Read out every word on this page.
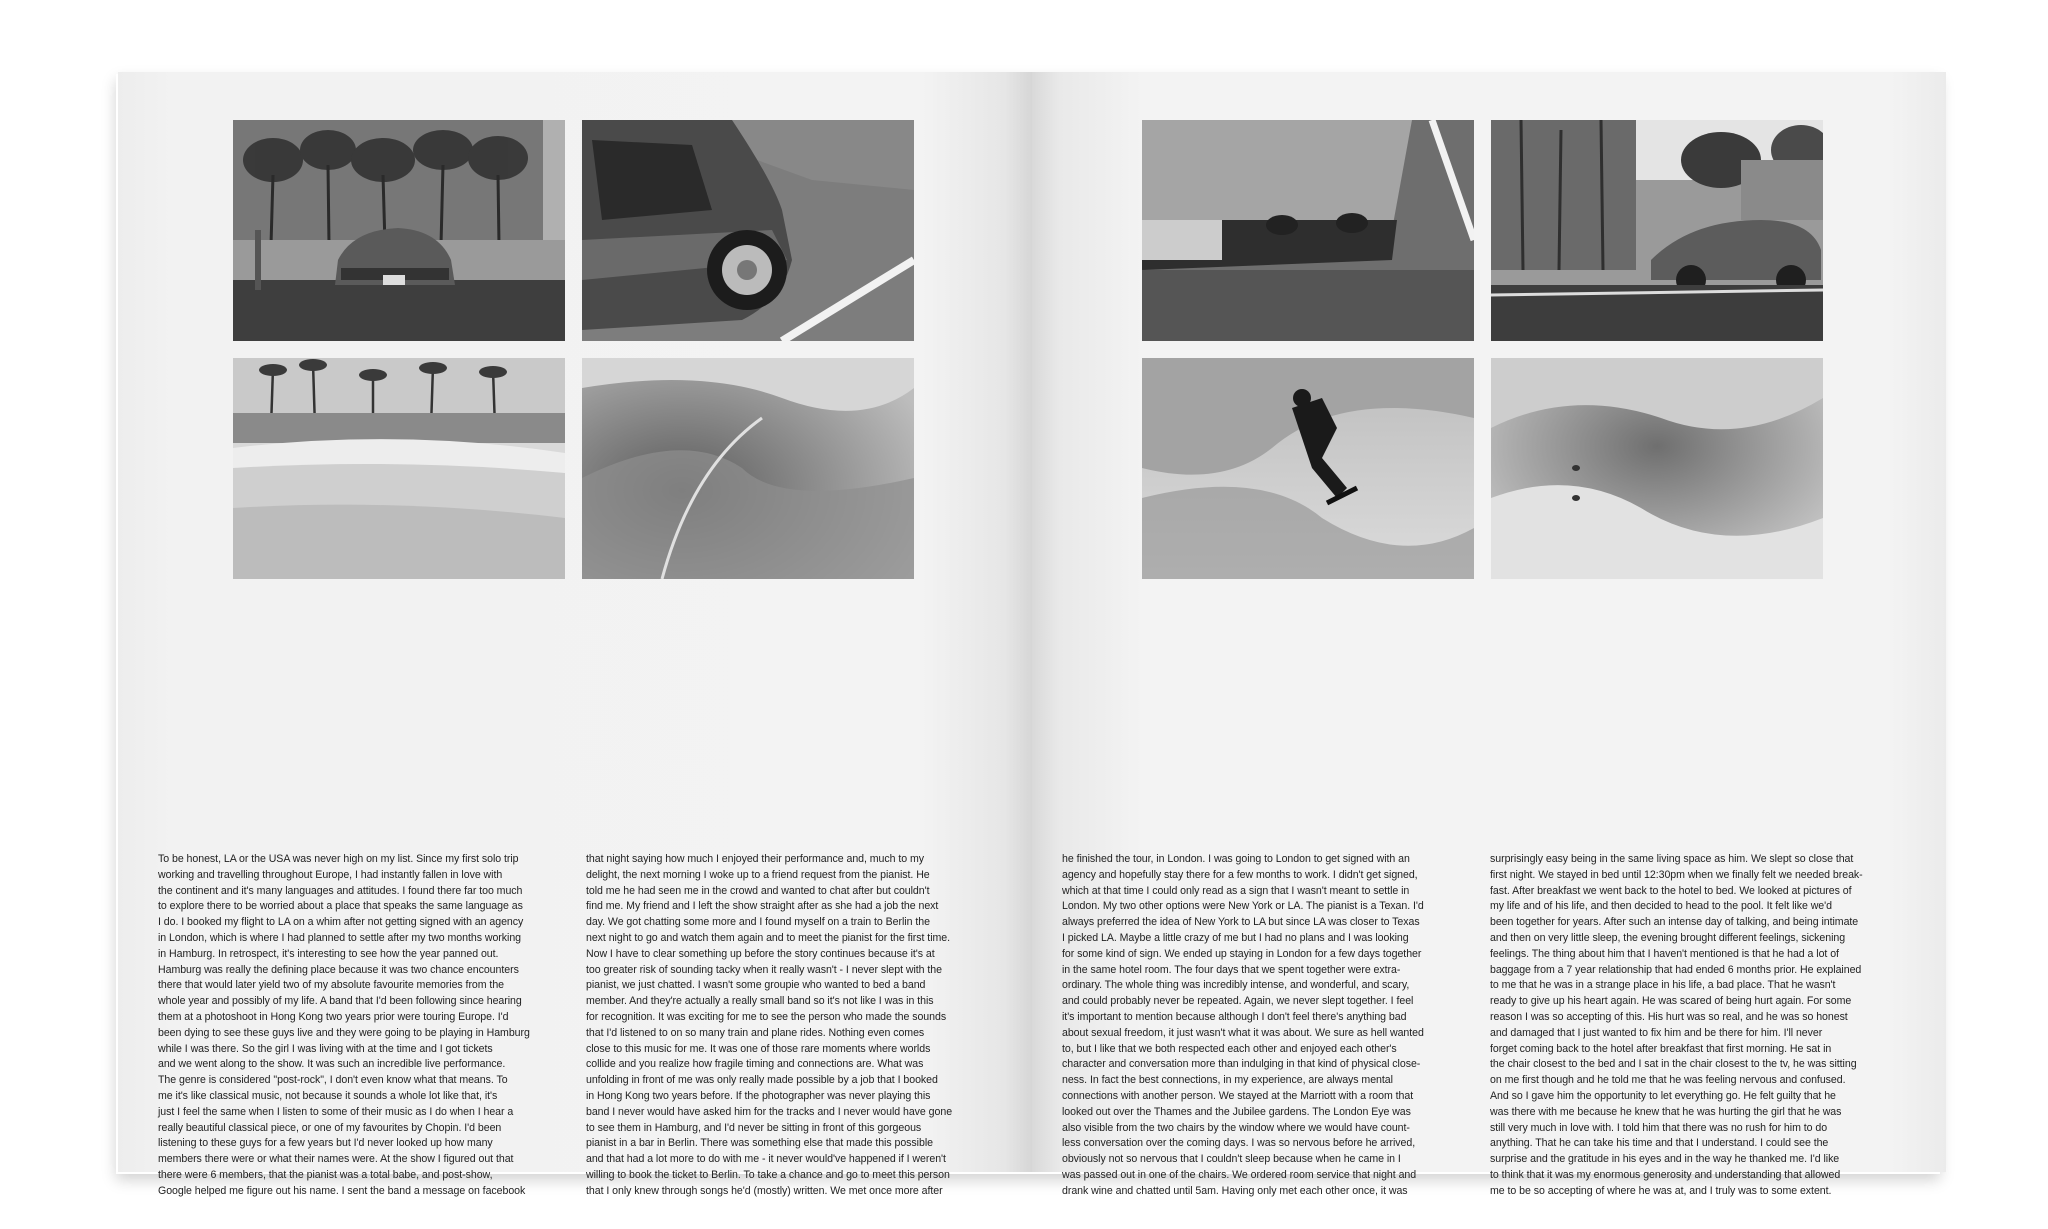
To be honest, LA or the USA was never high on my list. Since my first solo trip
working and travelling throughout Europe, I had instantly fallen in love with
the continent and it's many languages and attitudes. I found there far too much
to explore there to be worried about a place that speaks the same language as
I do. I booked my flight to LA on a whim after not getting signed with an agency
in London, which is where I had planned to settle after my two months working
in Hamburg. In retrospect, it's interesting to see how the year panned out.
Hamburg was really the defining place because it was two chance encounters
there that would later yield two of my absolute favourite memories from the
whole year and possibly of my life. A band that I'd been following since hearing
them at a photoshoot in Hong Kong two years prior were touring Europe. I'd
been dying to see these guys live and they were going to be playing in Hamburg
while I was there. So the girl I was living with at the time and I got tickets
and we went along to the show. It was such an incredible live performance.
The genre is considered "post-rock", I don't even know what that means. To
me it's like classical music, not because it sounds a whole lot like that, it's
just I feel the same when I listen to some of their music as I do when I hear a
really beautiful classical piece, or one of my favourites by Chopin. I'd been
listening to these guys for a few years but I'd never looked up how many
members there were or what their names were. At the show I figured out that
there were 6 members, that the pianist was a total babe, and post-show,
Google helped me figure out his name. I sent the band a message on facebook
that night saying how much I enjoyed their performance and, much to my
delight, the next morning I woke up to a friend request from the pianist. He
told me he had seen me in the crowd and wanted to chat after but couldn't
find me. My friend and I left the show straight after as she had a job the next
day. We got chatting some more and I found myself on a train to Berlin the
next night to go and watch them again and to meet the pianist for the first time.
Now I have to clear something up before the story continues because it's at
too greater risk of sounding tacky when it really wasn't - I never slept with the
pianist, we just chatted. I wasn't some groupie who wanted to bed a band
member. And they're actually a really small band so it's not like I was in this
for recognition. It was exciting for me to see the person who made the sounds
that I'd listened to on so many train and plane rides. Nothing even comes
close to this music for me. It was one of those rare moments where worlds
collide and you realize how fragile timing and connections are. What was
unfolding in front of me was only really made possible by a job that I booked
in Hong Kong two years before. If the photographer was never playing this
band I never would have asked him for the tracks and I never would have gone
to see them in Hamburg, and I'd never be sitting in front of this gorgeous
pianist in a bar in Berlin. There was something else that made this possible
and that had a lot more to do with me - it never would've happened if I weren't
willing to book the ticket to Berlin. To take a chance and go to meet this person
that I only knew through songs he'd (mostly) written. We met once more after
he finished the tour, in London. I was going to London to get signed with an
agency and hopefully stay there for a few months to work. I didn't get signed,
which at that time I could only read as a sign that I wasn't meant to settle in
London. My two other options were New York or LA. The pianist is a Texan. I'd
always preferred the idea of New York to LA but since LA was closer to Texas
I picked LA. Maybe a little crazy of me but I had no plans and I was looking
for some kind of sign. We ended up staying in London for a few days together
in the same hotel room. The four days that we spent together were extra-
ordinary. The whole thing was incredibly intense, and wonderful, and scary,
and could probably never be repeated. Again, we never slept together. I feel
it's important to mention because although I don't feel there's anything bad
about sexual freedom, it just wasn't what it was about. We sure as hell wanted
to, but I like that we both respected each other and enjoyed each other's
character and conversation more than indulging in that kind of physical close-
ness. In fact the best connections, in my experience, are always mental
connections with another person. We stayed at the Marriott with a room that
looked out over the Thames and the Jubilee gardens. The London Eye was
also visible from the two chairs by the window where we would have count-
less conversation over the coming days. I was so nervous before he arrived,
obviously not so nervous that I couldn't sleep because when he came in I
was passed out in one of the chairs. We ordered room service that night and
drank wine and chatted until 5am. Having only met each other once, it was
surprisingly easy being in the same living space as him. We slept so close that
first night. We stayed in bed until 12:30pm when we finally felt we needed break-
fast. After breakfast we went back to the hotel to bed. We looked at pictures of
my life and of his life, and then decided to head to the pool. It felt like we'd
been together for years. After such an intense day of talking, and being intimate
and then on very little sleep, the evening brought different feelings, sickening
feelings. The thing about him that I haven't mentioned is that he had a lot of
baggage from a 7 year relationship that had ended 6 months prior. He explained
to me that he was in a strange place in his life, a bad place. That he wasn't
ready to give up his heart again. He was scared of being hurt again. For some
reason I was so accepting of this. His hurt was so real, and he was so honest
and damaged that I just wanted to fix him and be there for him. I'll never
forget coming back to the hotel after breakfast that first morning. He sat in
the chair closest to the bed and I sat in the chair closest to the tv, he was sitting
on me first though and he told me that he was feeling nervous and confused.
And so I gave him the opportunity to let everything go. He felt guilty that he
was there with me because he knew that he was hurting the girl that he was
still very much in love with. I told him that there was no rush for him to do
anything. That he can take his time and that I understand. I could see the
surprise and the gratitude in his eyes and in the way he thanked me. I'd like
to think that it was my enormous generosity and understanding that allowed
me to be so accepting of where he was at, and I truly was to some extent.
